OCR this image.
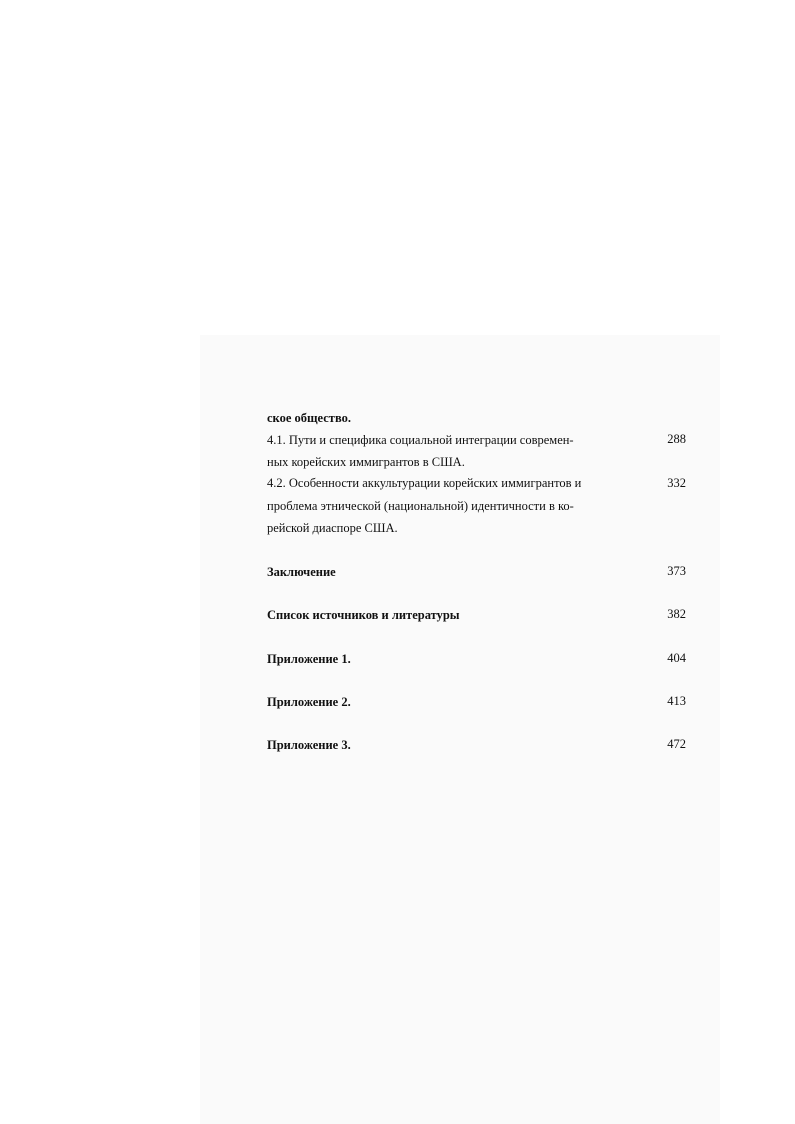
ское общество.
4.1. Пути и специфика социальной интеграции современ-	288
ных корейских иммигрантов в США.
4.2. Особенности аккультурации корейских иммигрантов и	332
проблема этнической (национальной) идентичности в ко-
рейской диаспоре США.
Заключение	373
Список источников и литературы	382
Приложение 1.	404
Приложение 2.	413
Приложение 3.	472
